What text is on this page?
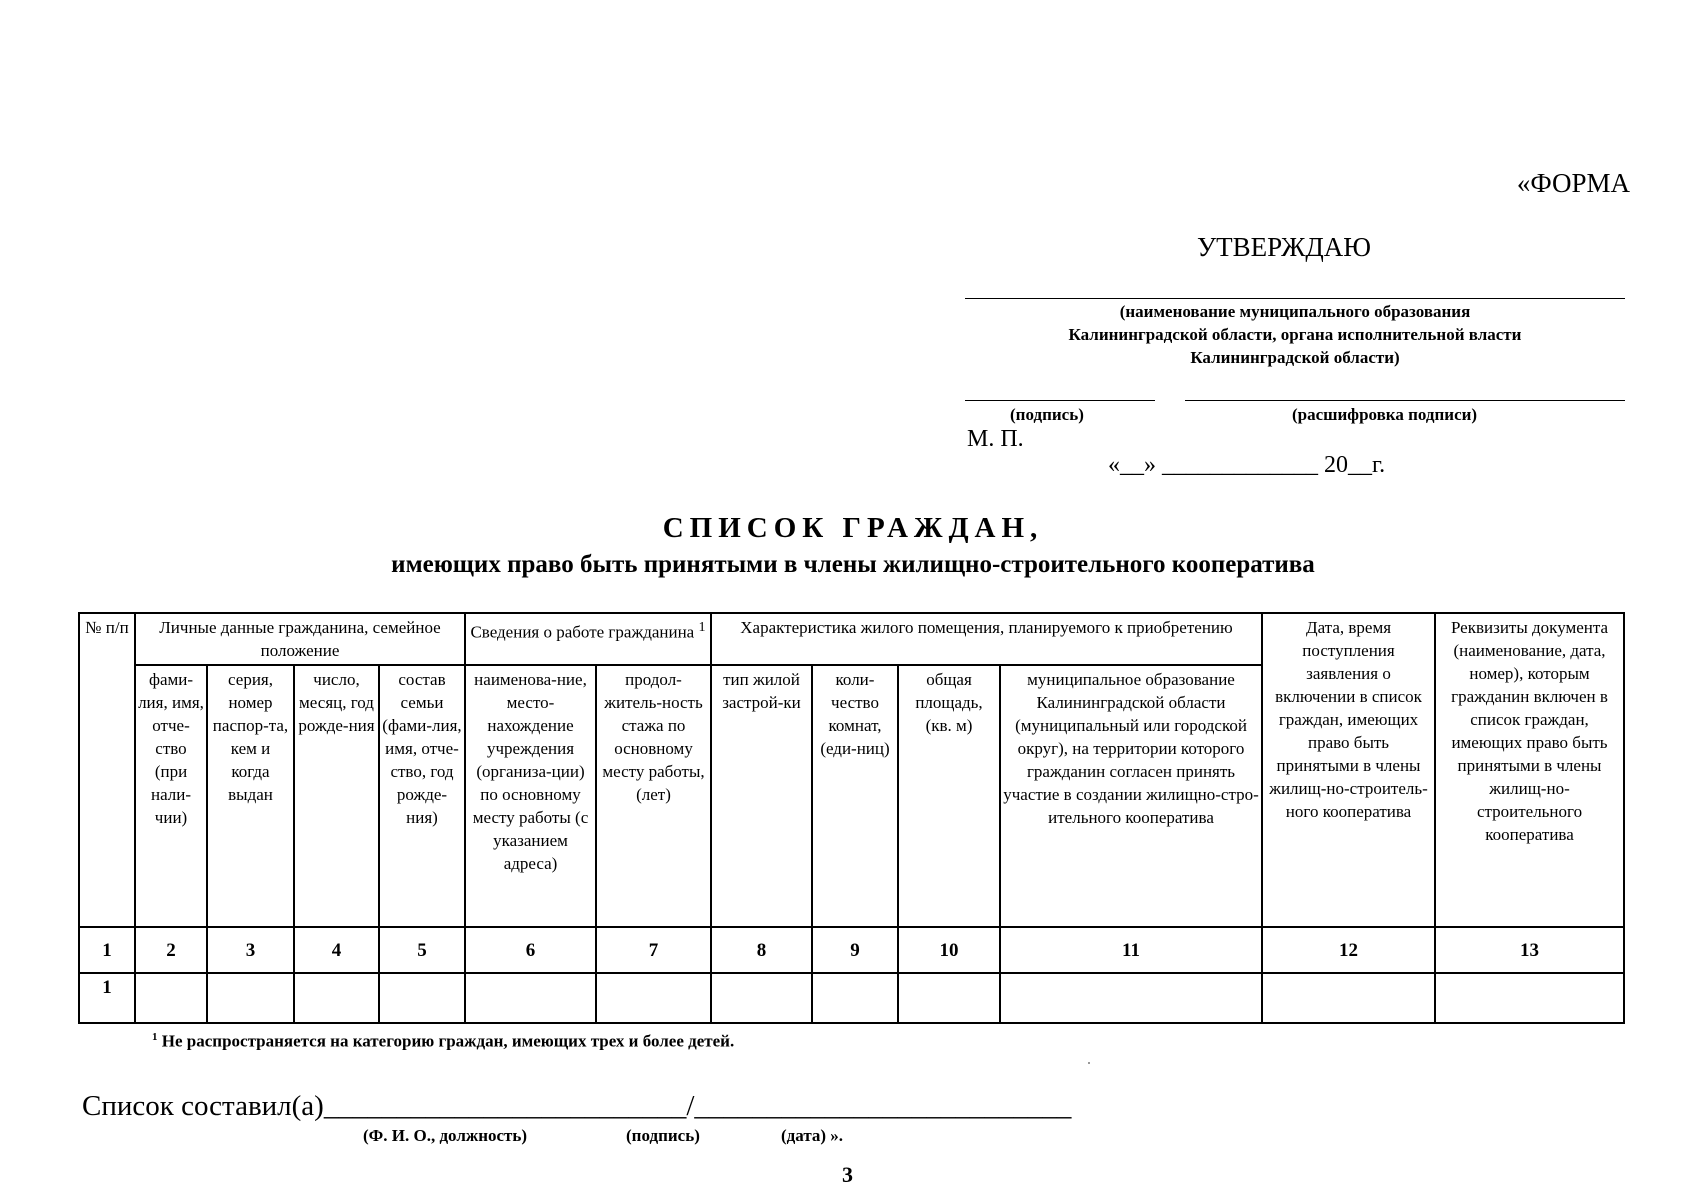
«ФОРМА
УТВЕРЖДАЮ
(наименование муниципального образования
Калининградской области, органа исполнительной власти
Калининградской области)
(подпись)	(расшифровка подписи)
М. П.
«__» _____________ 20__г.
СПИСОК ГРАЖДАН,
имеющих право быть принятыми в члены жилищно-строительного кооператива
№ п/п	Личные данные гражданина, семейное положение				Сведения о работе гражданина $^1$		Характеристика жилого помещения, планируемого к приобретению				Дата, время поступления заявления о включении в список граждан, имеющих право быть принятыми в члены жилищ-но-строитель-ного кооператива	Реквизиты документа (наименование, дата, номер), которым гражданин включен в список граждан, имеющих право быть принятыми в члены жилищ-но-строительного кооператива
	фами-лия, имя, отче-ство (при нали-чии)	серия, номер паспор-та, кем и когда выдан	число, месяц, год рожде-ния	состав семьи (фами-лия, имя, отче-ство, год рожде-ния)	наименова-ние, место-нахождение учреждения (организа-ции) по основному месту работы (с указанием адреса)	продол-житель-ность стажа по основному месту работы, (лет)	тип жилой застрой-ки	коли-чество комнат, (еди-ниц)	общая площадь, (кв. м)	муниципальное образование Калининградской области (муниципальный или городской округ), на территории которого гражданин согласен принять участие в создании жилищно-стро-ительного кооператива		
1	2	3	4	5	6	7	8	9	10	11	12	13
1												
$^1$ Не распространяется на категорию граждан, имеющих трех и более детей.
Список составил(а)_________________________/__________________________
(Ф. И. О., должность)	(подпись)	(дата) ».
3
